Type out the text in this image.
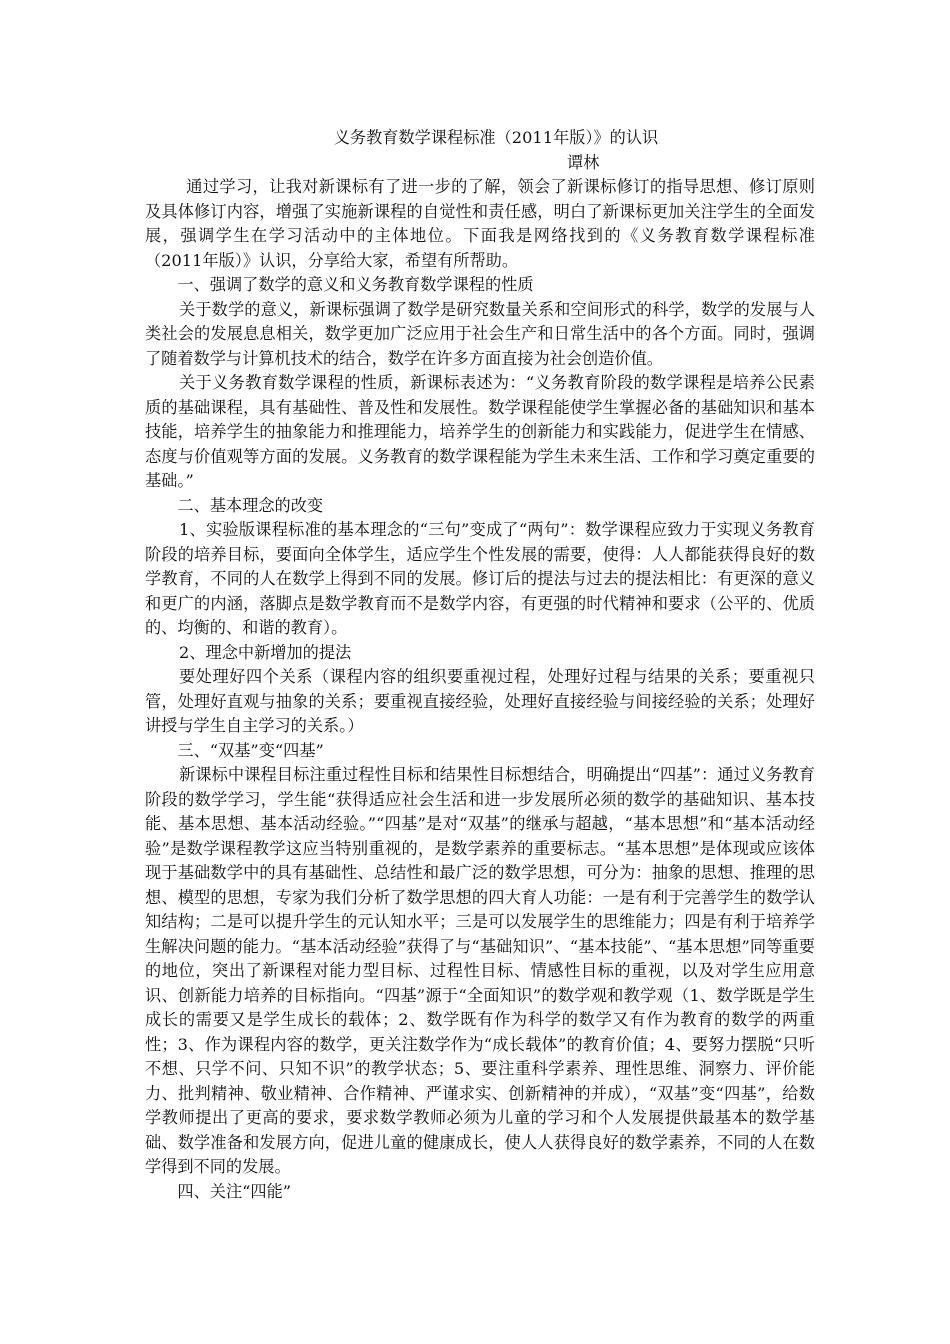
义务教育数学课程标准（2011年版）》的认识

谭林

通过学习，让我对新课标有了进一步的了解，领会了新课标修订的指导思想、修订原则及具体修订内容，增强了实施新课程的自觉性和责任感，明白了新课标更加关注学生的全面发展，强调学生在学习活动中的主体地位。下面我是网络找到的《义务教育数学课程标准（2011年版）》认识，分享给大家，希望有所帮助。

一、强调了数学的意义和义务教育数学课程的性质

关于数学的意义，新课标强调了数学是研究数量关系和空间形式的科学，数学的发展与人类社会的发展息息相关，数学更加广泛应用于社会生产和日常生活中的各个方面。同时，强调了随着数学与计算机技术的结合，数学在许多方面直接为社会创造价值。

关于义务教育数学课程的性质，新课标表述为：“义务教育阶段的数学课程是培养公民素质的基础课程，具有基础性、普及性和发展性。数学课程能使学生掌握必备的基础知识和基本技能，培养学生的抽象能力和推理能力，培养学生的创新能力和实践能力，促进学生在情感、态度与价值观等方面的发展。义务教育的数学课程能为学生未来生活、工作和学习奠定重要的基础。”

二、基本理念的改变

1、实验版课程标准的基本理念的“三句”变成了“两句”：数学课程应致力于实现义务教育阶段的培养目标，要面向全体学生，适应学生个性发展的需要，使得：人人都能获得良好的数学教育，不同的人在数学上得到不同的发展。修订后的提法与过去的提法相比：有更深的意义和更广的内涵，落脚点是数学教育而不是数学内容，有更强的时代精神和要求（公平的、优质的、均衡的、和谐的教育）。

2、理念中新增加的提法

要处理好四个关系（课程内容的组织要重视过程，处理好过程与结果的关系；要重视只管，处理好直观与抽象的关系；要重视直接经验，处理好直接经验与间接经验的关系；处理好讲授与学生自主学习的关系。）

三、“双基”变“四基”

新课标中课程目标注重过程性目标和结果性目标想结合，明确提出“四基”：通过义务教育阶段的数学学习，学生能“获得适应社会生活和进一步发展所必须的数学的基础知识、基本技能、基本思想、基本活动经验。”“四基”是对“双基”的继承与超越，“基本思想”和“基本活动经验”是数学课程教学这应当特别重视的，是数学素养的重要标志。“基本思想”是体现或应该体现于基础数学中的具有基础性、总结性和最广泛的数学思想，可分为：抽象的思想、推理的思想、模型的思想，专家为我们分析了数学思想的四大育人功能：一是有利于完善学生的数学认知结构；二是可以提升学生的元认知水平；三是可以发展学生的思维能力；四是有利于培养学生解决问题的能力。“基本活动经验”获得了与“基础知识”、“基本技能”、“基本思想”同等重要的地位，突出了新课程对能力型目标、过程性目标、情感性目标的重视，以及对学生应用意识、创新能力培养的目标指向。“四基”源于“全面知识”的数学观和教学观（1、数学既是学生成长的需要又是学生成长的载体；2、数学既有作为科学的数学又有作为教育的数学的两重性；3、作为课程内容的数学，更关注数学作为“成长载体”的教育价值；4、要努力摆脱“只听不想、只学不问、只知不识”的教学状态；5、要注重科学素养、理性思维、洞察力、评价能力、批判精神、敬业精神、合作精神、严谨求实、创新精神的并成），“双基”变“四基”，给数学教师提出了更高的要求，要求数学教师必须为儿童的学习和个人发展提供最基本的数学基础、数学准备和发展方向，促进儿童的健康成长，使人人获得良好的数学素养，不同的人在数学得到不同的发展。

四、关注“四能”
